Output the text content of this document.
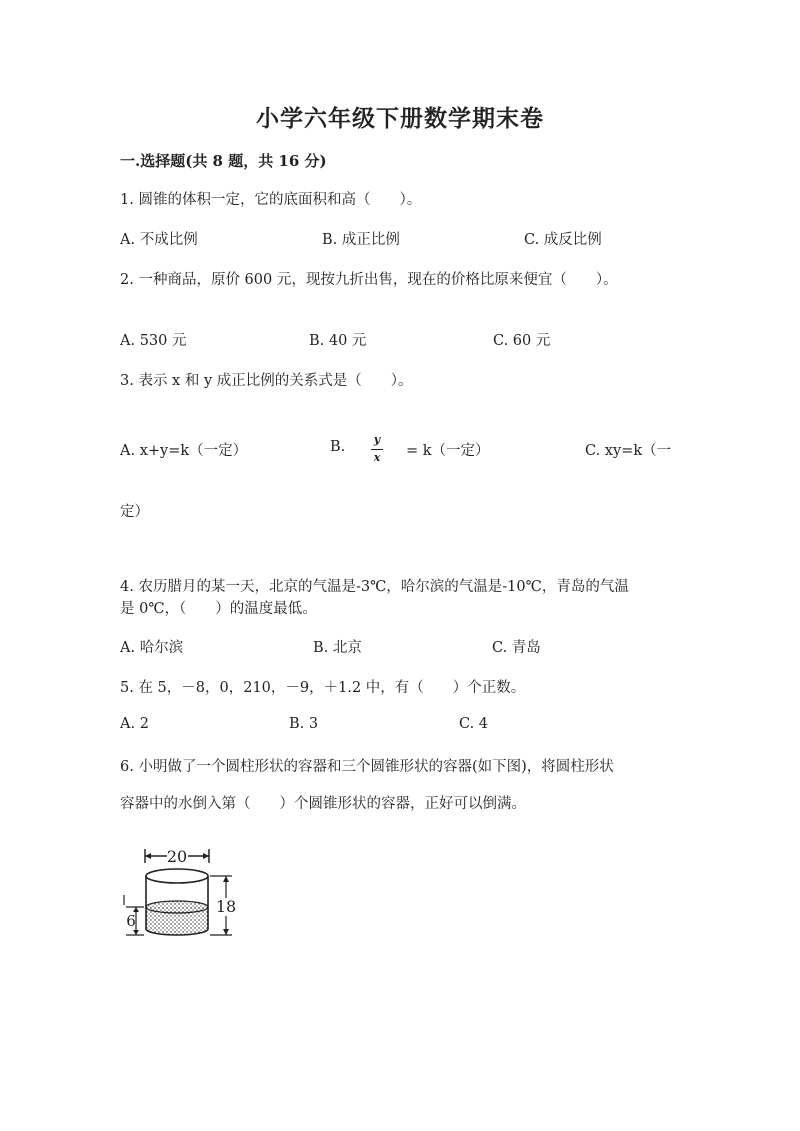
小学六年级下册数学期末卷
一.选择题(共 8 题，共 16 分)
1. 圆锥的体积一定，它的底面积和高（　　）。
A. 不成比例	B. 成正比例	C. 成反比例
2. 一种商品，原价 600 元，现按九折出售，现在的价格比原来便宜（　　）。
A. 530 元	B. 40 元	C. 60 元
3. 表示 x 和 y 成正比例的关系式是（　　）。
A. x+y=k（一定）	B.	y
x = k（一定）	C. xy=k（一
定）
4. 农历腊月的某一天，北京的气温是-3℃，哈尔滨的气温是-10℃，青岛的气温
是 0℃，（　　）的温度最低。
A. 哈尔滨	B. 北京	C. 青岛
5. 在 5，－8，0，210，－9，＋1.2 中，有（　　）个正数。
A. 2	B. 3	C. 4
6. 小明做了一个圆柱形状的容器和三个圆锥形状的容器(如下图)，将圆柱形状
容器中的水倒入第（　　）个圆锥形状的容器，正好可以倒满。
20
18
6
